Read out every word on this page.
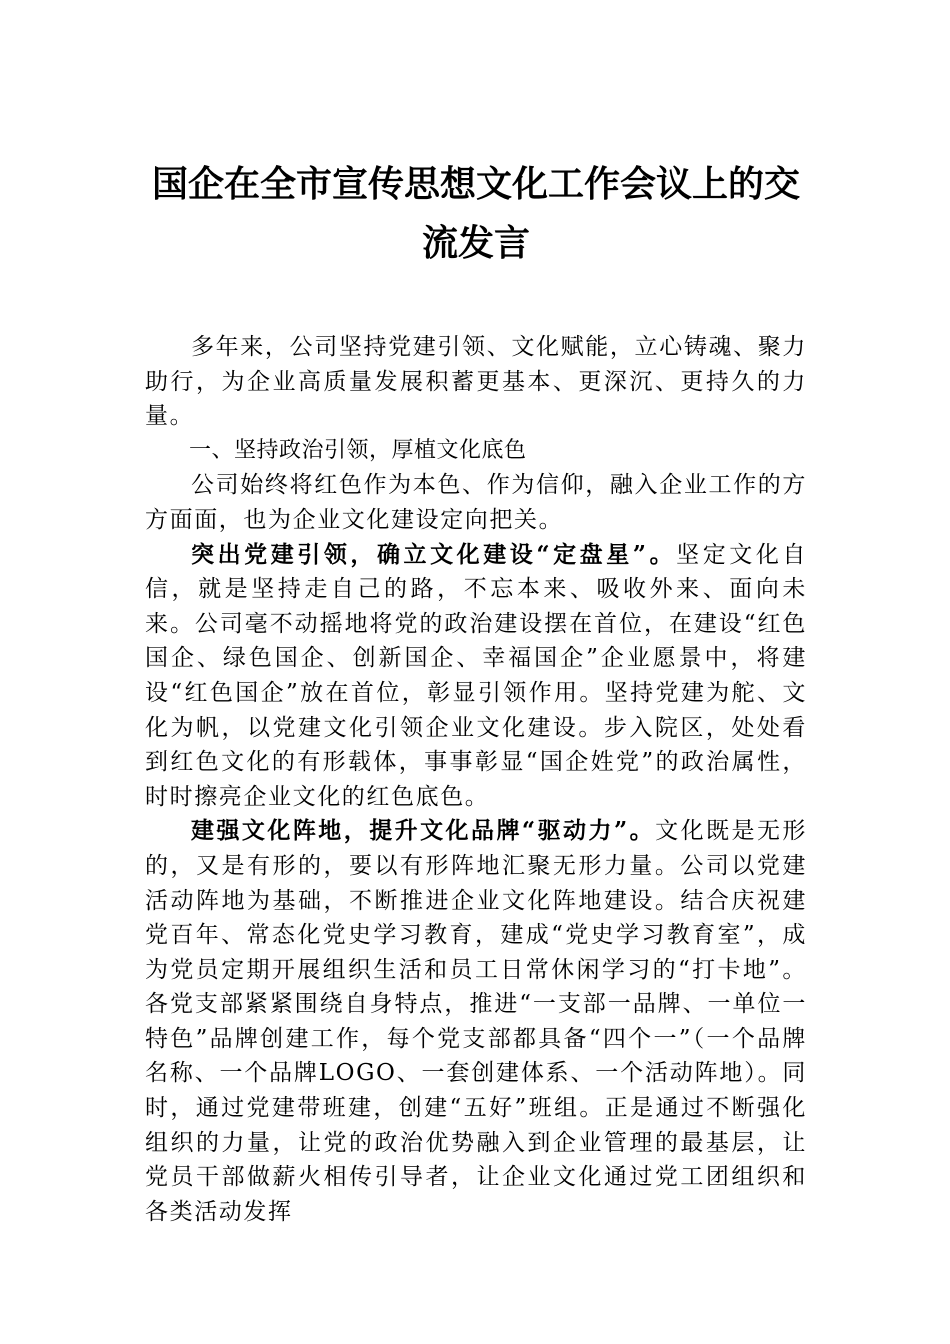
国企在全市宣传思想文化工作会议上的交
流发言

多年来，公司坚持党建引领、文化赋能，立心铸魂、聚力助行，为企业高质量发展积蓄更基本、更深沉、更持久的力量。

一、坚持政治引领，厚植文化底色

公司始终将红色作为本色、作为信仰，融入企业工作的方方面面，也为企业文化建设定向把关。

突出党建引领，确立文化建设“定盘星”。坚定文化自信，就是坚持走自己的路，不忘本来、吸收外来、面向未来。公司毫不动摇地将党的政治建设摆在首位，在建设“红色国企、绿色国企、创新国企、幸福国企”企业愿景中，将建设“红色国企”放在首位，彰显引领作用。坚持党建为舵、文化为帆，以党建文化引领企业文化建设。步入院区，处处看到红色文化的有形载体，事事彰显“国企姓党”的政治属性，时时擦亮企业文化的红色底色。

建强文化阵地，提升文化品牌“驱动力”。文化既是无形的，又是有形的，要以有形阵地汇聚无形力量。公司以党建活动阵地为基础，不断推进企业文化阵地建设。结合庆祝建党百年、常态化党史学习教育，建成“党史学习教育室”，成为党员定期开展组织生活和员工日常休闲学习的“打卡地”。各党支部紧紧围绕自身特点，推进“一支部一品牌、一单位一特色”品牌创建工作，每个党支部都具备“四个一”（一个品牌名称、一个品牌LOGO、一套创建体系、一个活动阵地）。同时，通过党建带班建，创建“五好”班组。正是通过不断强化组织的力量，让党的政治优势融入到企业管理的最基层，让党员干部做薪火相传引导者，让企业文化通过党工团组织和各类活动发挥
